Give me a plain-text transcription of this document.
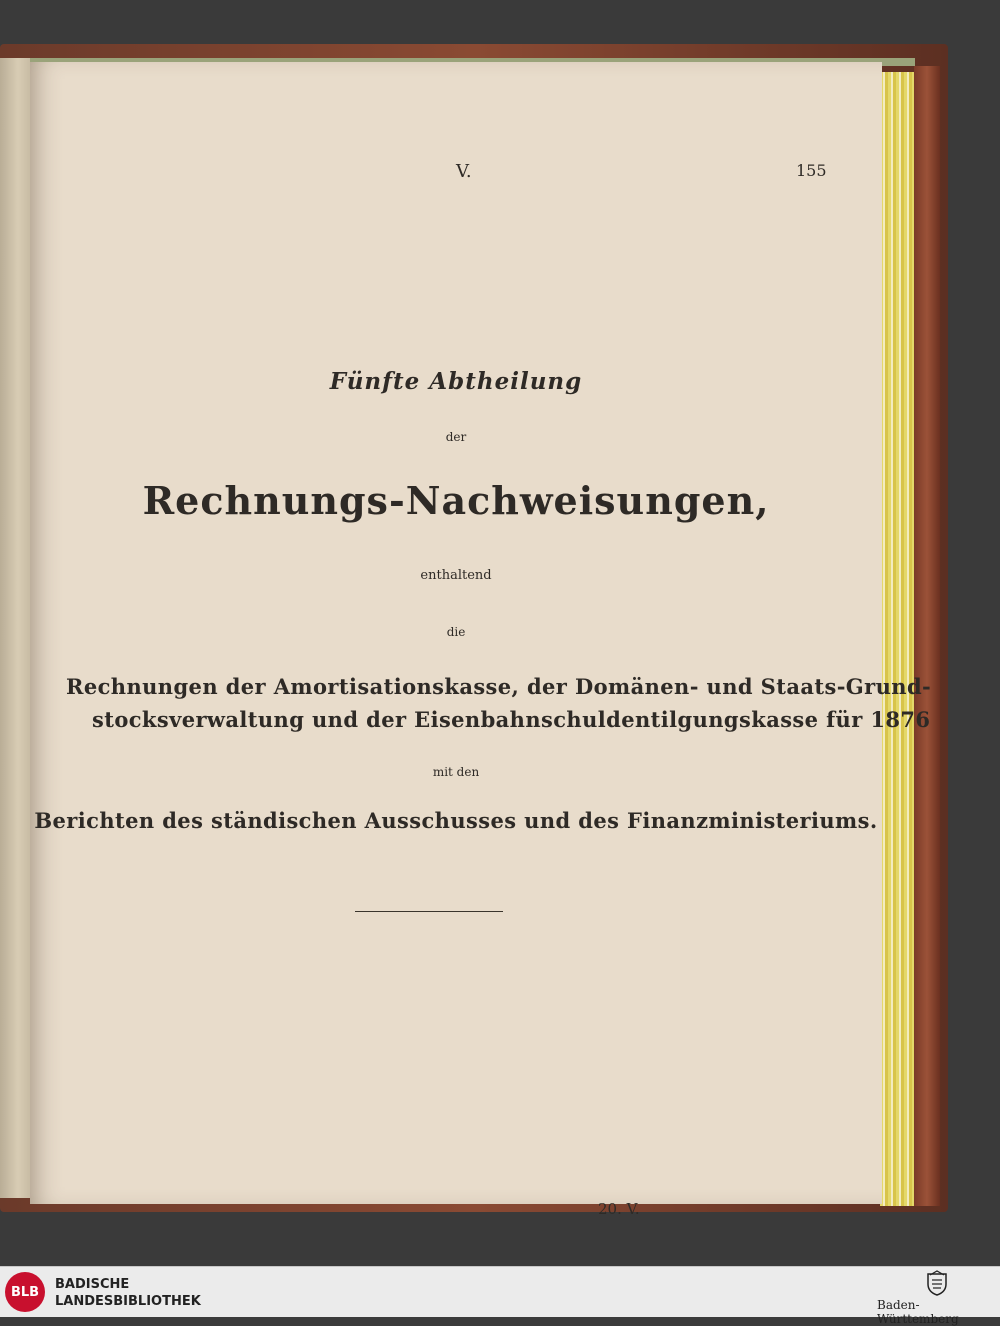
V.	155
Fünfte Abtheilung
der
Rechnungs-Nachweisungen,
enthaltend
die
Rechnungen der Amortisationskasse, der Domänen- und Staats-Grund-
stocksverwaltung und der Eisenbahnschuldentilgungskasse für 1876
mit den
Berichten des ständischen Ausschusses und des Finanzministeriums.
20. V.
BLB	BADISCHE
LANDESBIBLIOTHEK	Baden-Württemberg
